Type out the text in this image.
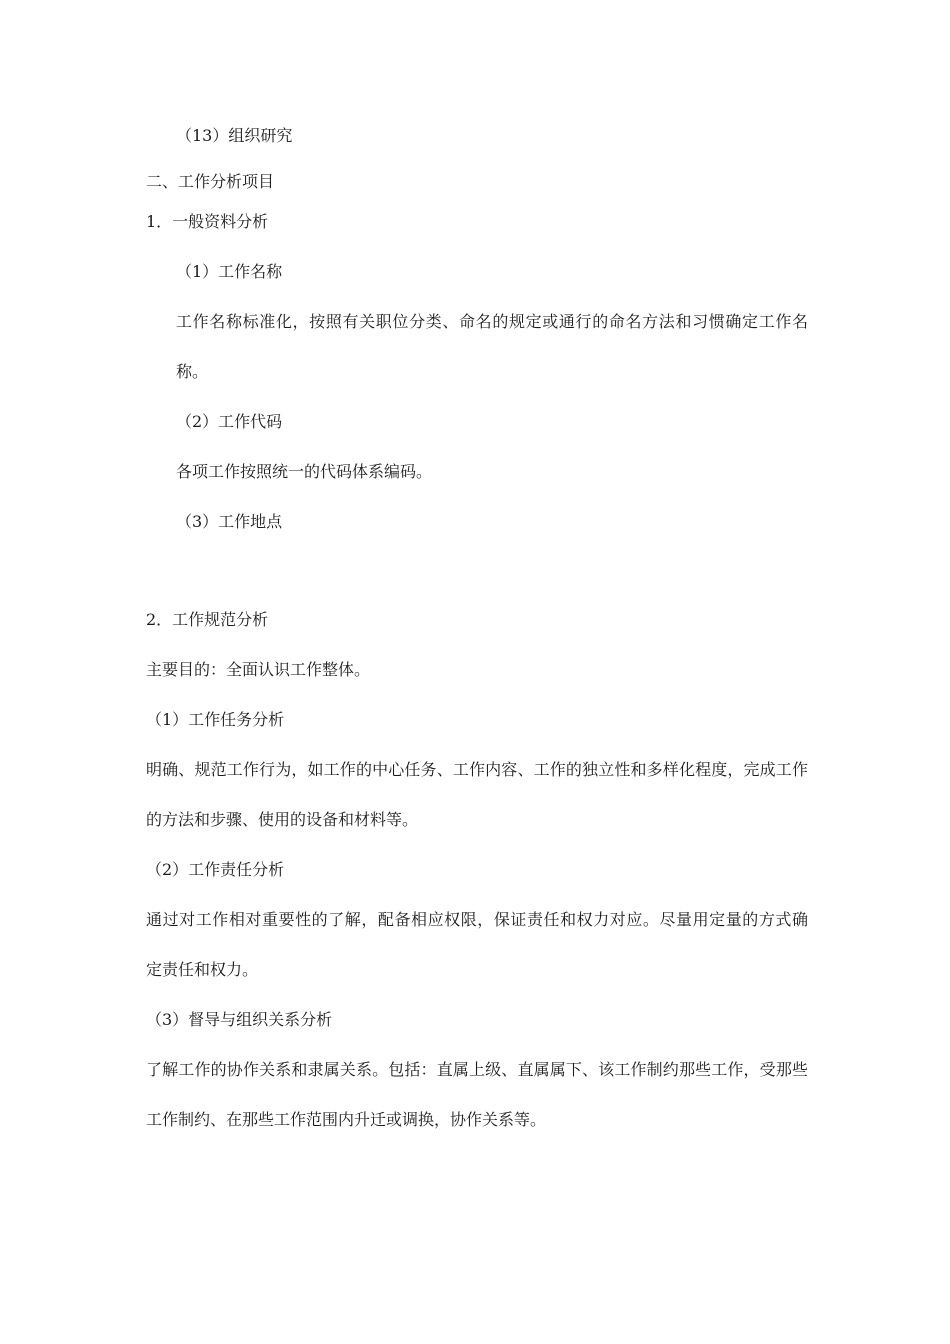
（13）组织研究
二、工作分析项目
1．一般资料分析
（1）工作名称
工作名称标准化，按照有关职位分类、命名的规定或通行的命名方法和习惯确定工作名
称。
（2）工作代码
各项工作按照统一的代码体系编码。
（3）工作地点
2．工作规范分析
主要目的：全面认识工作整体。
（1）工作任务分析
明确、规范工作行为，如工作的中心任务、工作内容、工作的独立性和多样化程度，完成工作
的方法和步骤、使用的设备和材料等。
（2）工作责任分析
通过对工作相对重要性的了解，配备相应权限，保证责任和权力对应。尽量用定量的方式确
定责任和权力。
（3）督导与组织关系分析
了解工作的协作关系和隶属关系。包括：直属上级、直属属下、该工作制约那些工作，受那些
工作制约、在那些工作范围内升迁或调换，协作关系等。
